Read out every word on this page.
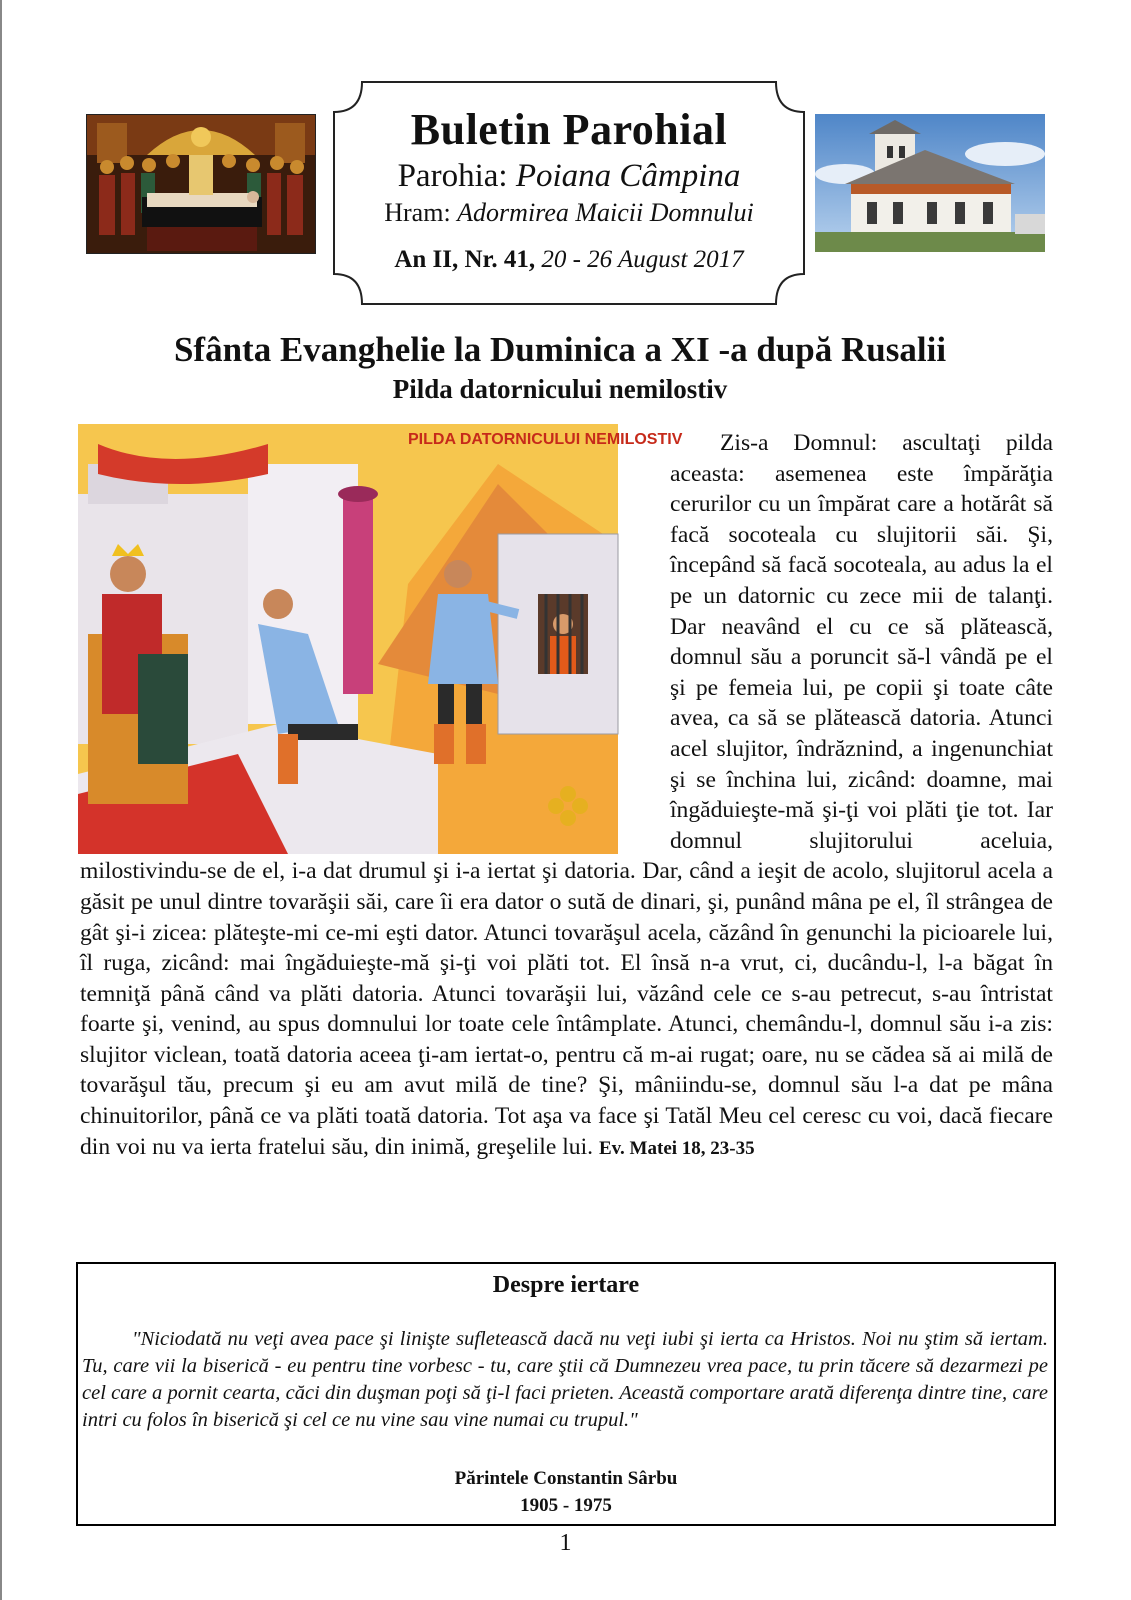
Buletin Parohial
Parohia: Poiana Câmpina
Hram: Adormirea Maicii Domnului
An II, Nr. 41, 20 - 26 August 2017
Sfânta Evanghelie la Duminica a XI -a după Rusalii
Pilda datornicului nemilostiv
PILDA DATORNICULUI NEMILOSTIV	Zis-a Domnul: ascultaţi pilda aceasta: asemenea este împărăţia cerurilor cu un împărat care a hotărât să facă socoteala cu slujitorii săi. Şi, începând să facă socoteala, au adus la el pe un datornic cu zece mii de talanţi. Dar neavând el cu ce să plătească, domnul său a poruncit să-l vândă pe el şi pe femeia lui, pe copii şi toate câte avea, ca să se plătească datoria. Atunci acel slujitor, îndrăznind, a ingenunchiat şi se închina lui, zicând: doamne, mai îngăduieşte-mă şi-ţi voi plăti ţie tot. Iar domnul slujitorului aceluia, milostivindu-se de el, i-a dat drumul şi i-a iertat şi datoria. Dar, când a ieşit de acolo, slujitorul acela a găsit pe unul dintre tovarăşii săi, care îi era dator o sută de dinari, şi, punând mâna pe el, îl strângea de gât şi-i zicea: plăteşte-mi ce-mi eşti dator. Atunci tovarăşul acela, căzând în genunchi la picioarele lui, îl ruga, zicând: mai îngăduieşte-mă şi-ţi voi plăti tot. El însă n-a vrut, ci, ducându-l, l-a băgat în temniţă până când va plăti datoria. Atunci tovarăşii lui, văzând cele ce s-au petrecut, s-au întristat foarte şi, venind, au spus domnului lor toate cele întâmplate. Atunci, chemându-l, domnul său i-a zis: slujitor viclean, toată datoria aceea ţi-am iertat-o, pentru că m-ai rugat; oare, nu se cădea să ai milă de tovarăşul tău, precum şi eu am avut milă de tine? Şi, mâniindu-se, domnul său l-a dat pe mâna chinuitorilor, până ce va plăti toată datoria. Tot aşa va face şi Tatăl Meu cel ceresc cu voi, dacă fiecare din voi nu va ierta fratelui său, din inimă, greşelile lui. Ev. Matei 18, 23-35

Despre iertare

"Niciodată nu veţi avea pace şi linişte sufletească dacă nu veţi iubi şi ierta ca Hristos. Noi nu ştim să iertam. Tu, care vii la biserică - eu pentru tine vorbesc - tu, care ştii că Dumnezeu vrea pace, tu prin tăcere să dezarmezi pe cel care a pornit cearta, căci din duşman poţi să ţi-l faci prieten. Această comportare arată diferenţa dintre tine, care intri cu folos în biserică şi cel ce nu vine sau vine numai cu trupul."

Părintele Constantin Sârbu
1905 - 1975
1
